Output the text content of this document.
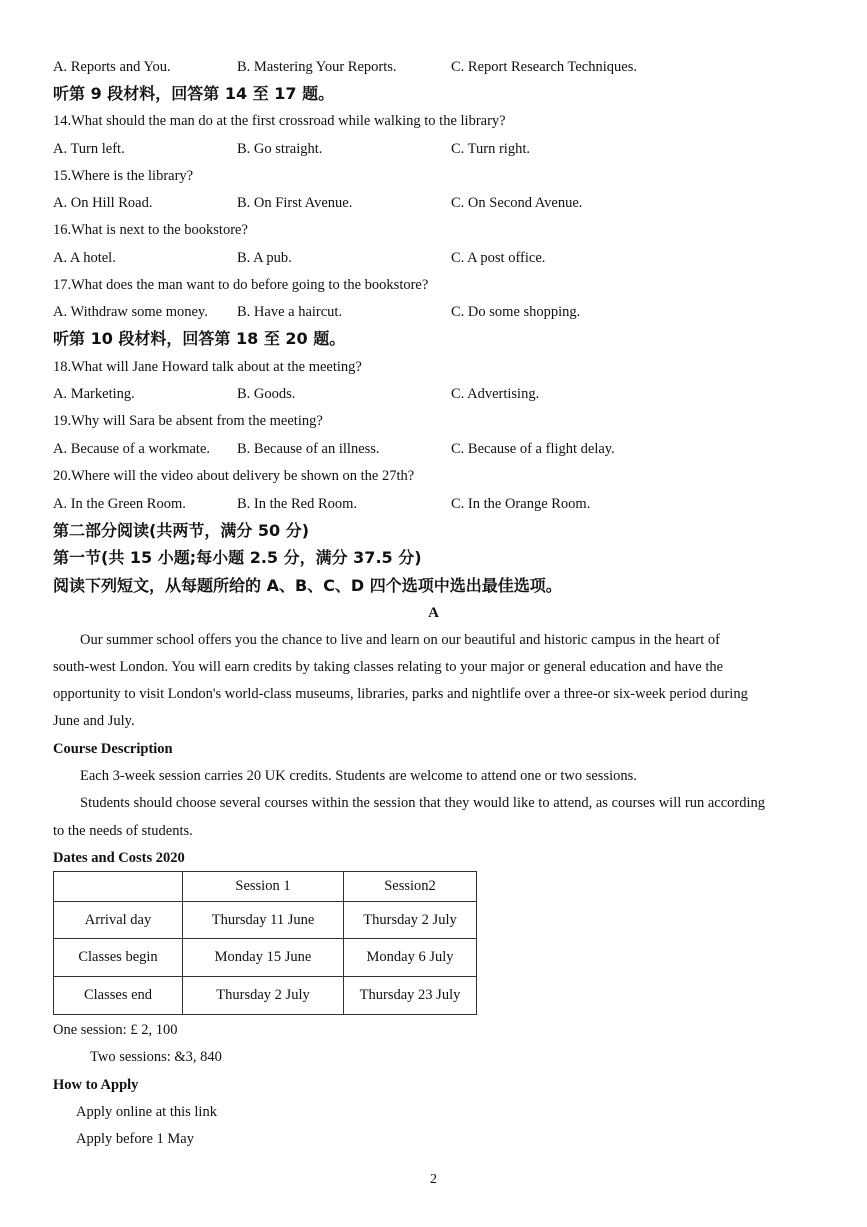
A. Reports and You.	B. Mastering Your Reports.	C. Report Research Techniques.
听第 9 段材料，回答第 14 至 17 题。
14.What should the man do at the first crossroad while walking to the library?
A. Turn left.	B. Go straight.	C. Turn right.
15.Where is the library?
A. On Hill Road.	B. On First Avenue.	C. On Second Avenue.
16.What is next to the bookstore?
A. A hotel.	B. A pub.	C. A post office.
17.What does the man want to do before going to the bookstore?
A. Withdraw some money. B. Have a haircut.	C. Do some shopping.
听第 10 段材料，回答第 18 至 20 题。
18.What will Jane Howard talk about at the meeting?
A. Marketing.	B. Goods.	C. Advertising.
19.Why will Sara be absent from the meeting?
A. Because of a workmate. B. Because of an illness.	C. Because of a flight delay.
20.Where will the video about delivery be shown on the 27th?
A. In the Green Room.	B. In the Red Room.	C. In the Orange Room.
第二部分阅读(共两节，满分 50 分)
第一节(共 15 小题;每小题 2.5 分，满分 37.5 分)
阅读下列短文，从每题所给的 A、B、C、D 四个选项中选出最佳选项。
A
Our summer school offers you the chance to live and learn on our beautiful and historic campus in the heart of
south-west London. You will earn credits by taking classes relating to your major or general education and have the
opportunity to visit London's world-class museums, libraries, parks and nightlife over a three-or six-week period during
June and July.
Course Description
Each 3-week session carries 20 UK credits. Students are welcome to attend one or two sessions.
Students should choose several courses within the session that they would like to attend, as courses will run according
to the needs of students.
Dates and Costs 2020
	Session 1	Session2
Arrival day	Thursday 11 June	Thursday 2 July
Classes begin	Monday 15 June	Monday 6 July
Classes end	Thursday 2 July	Thursday 23 July
One session: £ 2, 100
Two sessions: &3, 840
How to Apply
Apply online at this link
Apply before 1 May
2
